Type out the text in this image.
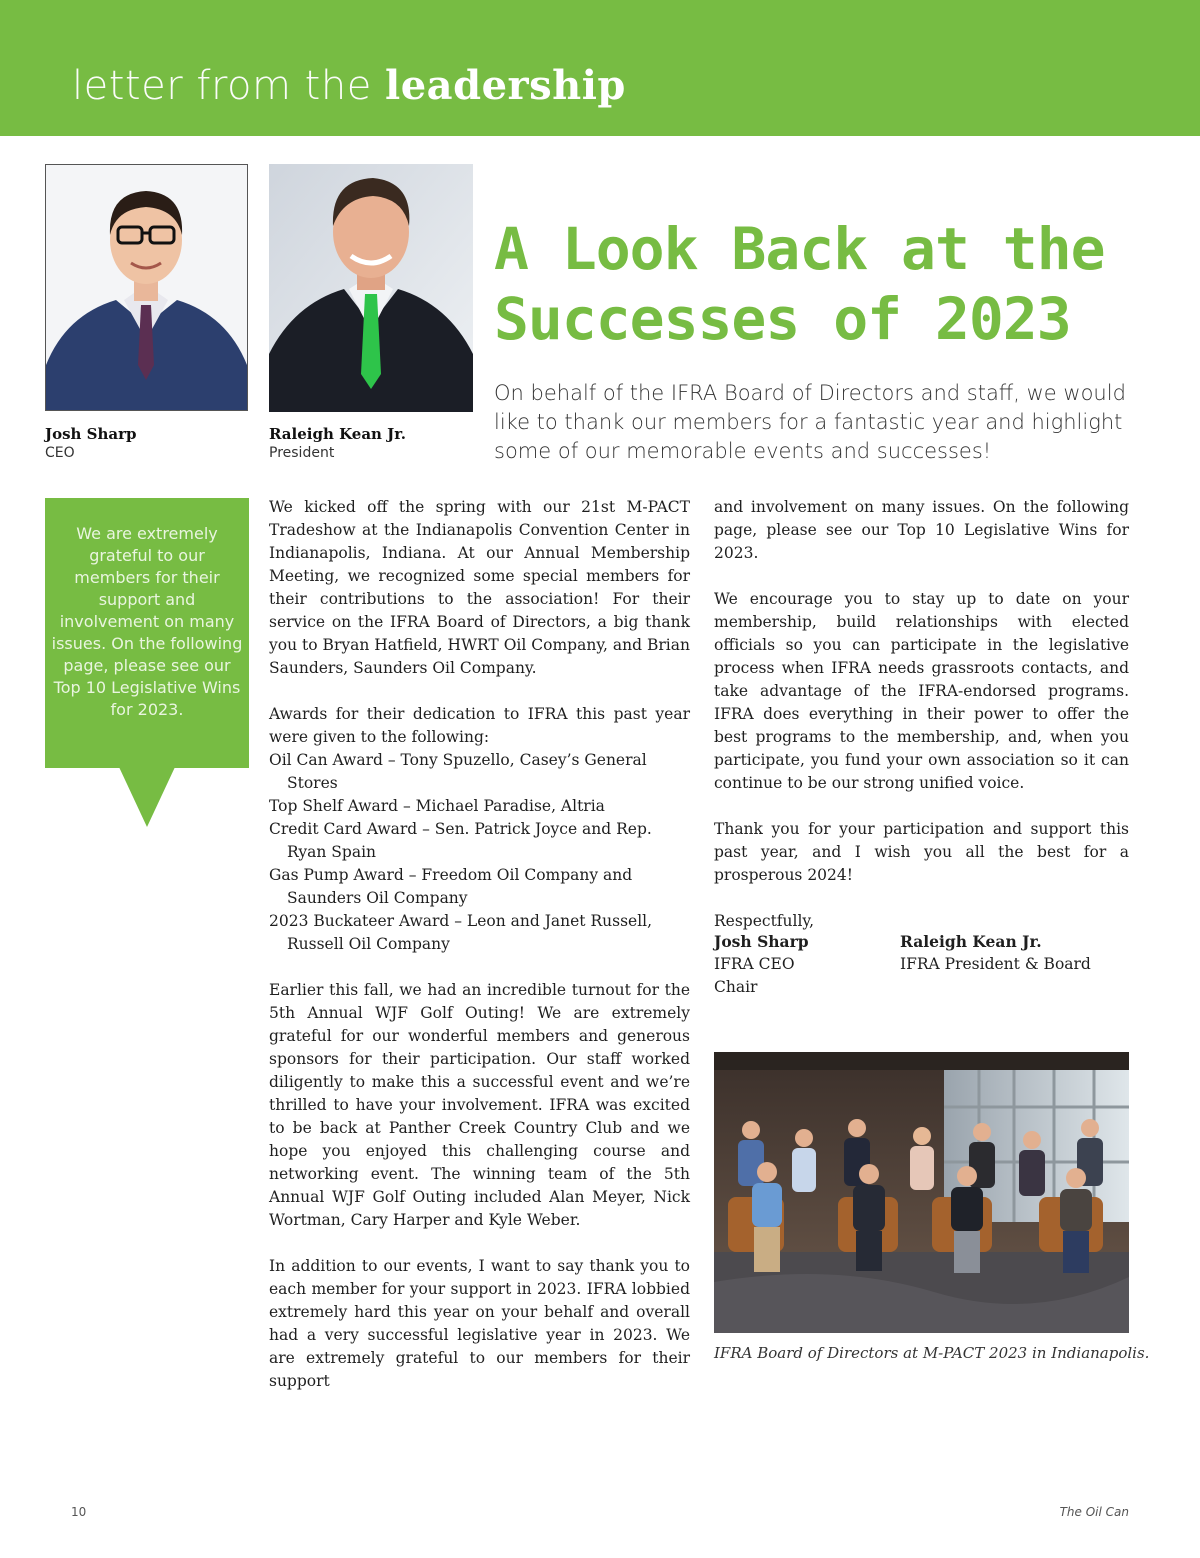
letter from the leadership
Josh Sharp
CEO
Raleigh Kean Jr.
President
A Look Back at the
Successes of 2023

On behalf of the IFRA Board of Directors and staff, we would like to thank our members for a fantastic year and highlight some of our memorable events and successes!

We are extremely grateful to our members for their support and involvement on many issues. On the following page, please see our Top 10 Legislative Wins for 2023.

We kicked off the spring with our 21st M-PACT Tradeshow at the Indianapolis Convention Center in Indianapolis, Indiana. At our Annual Membership Meeting, we recognized some special members for their contributions to the association! For their service on the IFRA Board of Directors, a big thank you to Bryan Hatfield, HWRT Oil Company, and Brian Saunders, Saunders Oil Company.

Awards for their dedication to IFRA this past year were given to the following:

Oil Can Award – Tony Spuzello, Casey’s General Stores

Top Shelf Award – Michael Paradise, Altria

Credit Card Award – Sen. Patrick Joyce and Rep. Ryan Spain

Gas Pump Award – Freedom Oil Company and Saunders Oil Company

2023 Buckateer Award – Leon and Janet Russell, Russell Oil Company

Earlier this fall, we had an incredible turnout for the 5th Annual WJF Golf Outing! We are extremely grateful for our wonderful members and generous sponsors for their participation. Our staff worked diligently to make this a successful event and we’re thrilled to have your involvement. IFRA was excited to be back at Panther Creek Country Club and we hope you enjoyed this challenging course and networking event. The winning team of the 5th Annual WJF Golf Outing included Alan Meyer, Nick Wortman, Cary Harper and Kyle Weber.

In addition to our events, I want to say thank you to each member for your support in 2023. IFRA lobbied extremely hard this year on your behalf and overall had a very successful legislative year in 2023. We are extremely grateful to our members for their support

and involvement on many issues. On the following page, please see our Top 10 Legislative Wins for 2023.

We encourage you to stay up to date on your membership, build relationships with elected officials so you can participate in the legislative process when IFRA needs grassroots contacts, and take advantage of the IFRA-endorsed programs. IFRA does everything in their power to offer the best programs to the membership, and, when you participate, you fund your own association so it can continue to be our strong unified voice.

Thank you for your participation and support this past year, and I wish you all the best for a prosperous 2024!

Respectfully,

Josh Sharp
IFRA CEO
Chair
Raleigh Kean Jr.
IFRA President & Board
IFRA Board of Directors at M-PACT 2023 in Indianapolis.
10	The Oil Can
